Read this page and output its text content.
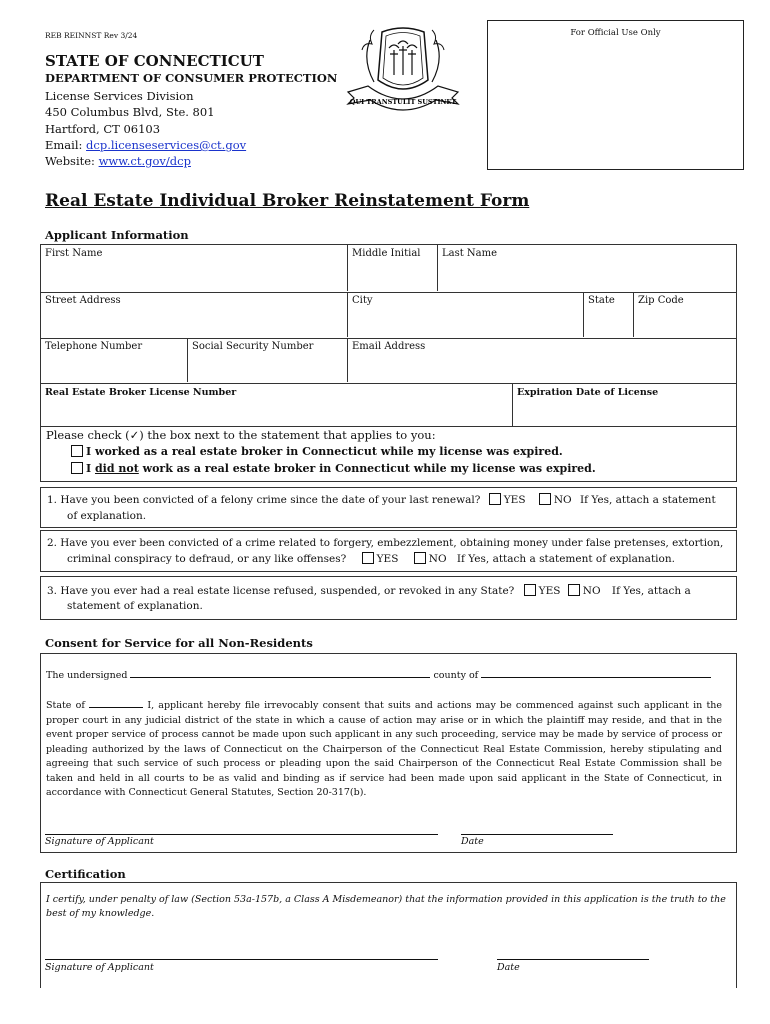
REB REINNST Rev 3/24
STATE OF CONNECTICUT
DEPARTMENT OF CONSUMER PROTECTION
License Services Division
450 Columbus Blvd, Ste. 801
Hartford, CT 06103
Email: dcp.licenseservices@ct.gov
Website: www.ct.gov/dcp
QUI TRANSTULIT SUSTINET
For Official Use Only
Real Estate Individual Broker Reinstatement Form
Applicant Information
First Name	Middle Initial	Last Name
Street Address	City	State	Zip Code
Telephone Number	Social Security Number	Email Address
Real Estate Broker License Number	Expiration Date of License
Please check (✓) the box next to the statement that applies to you:
I worked as a real estate broker in Connecticut while my license was expired.
I did not work as a real estate broker in Connecticut while my license was expired.
1. Have you been convicted of a felony crime since the date of your last renewal? YES	NO If Yes, attach a statement
of explanation.
2. Have you ever been convicted of a crime related to forgery, embezzlement, obtaining money under false pretenses, extortion,
criminal conspiracy to defraud, or any like offenses?	YES	NO If Yes, attach a statement of explanation.
3. Have you ever had a real estate license refused, suspended, or revoked in any State? YES NO If Yes, attach a
statement of explanation.
Consent for Service for all Non-Residents
The undersigned	county of
State of	I, applicant hereby file irrevocably consent that suits and actions may be commenced against such applicant in the proper court in any judicial district of the state in which a cause of action may arise or in which the plaintiff may reside, and that in the event proper service of process cannot be made upon such applicant in any such proceeding, service may be made by service of process or pleading authorized by the laws of Connecticut on the Chairperson of the Connecticut Real Estate Commission, hereby stipulating and agreeing that such service of such process or pleading upon the said Chairperson of the Connecticut Real Estate Commission shall be taken and held in all courts to be as valid and binding as if service had been made upon said applicant in the State of Connecticut, in accordance with Connecticut General Statutes, Section 20-317(b).
Signature of Applicant	Date
Certification
I certify, under penalty of law (Section 53a-157b, a Class A Misdemeanor) that the information provided in this application is the truth to the best of my knowledge.
Signature of Applicant	Date
